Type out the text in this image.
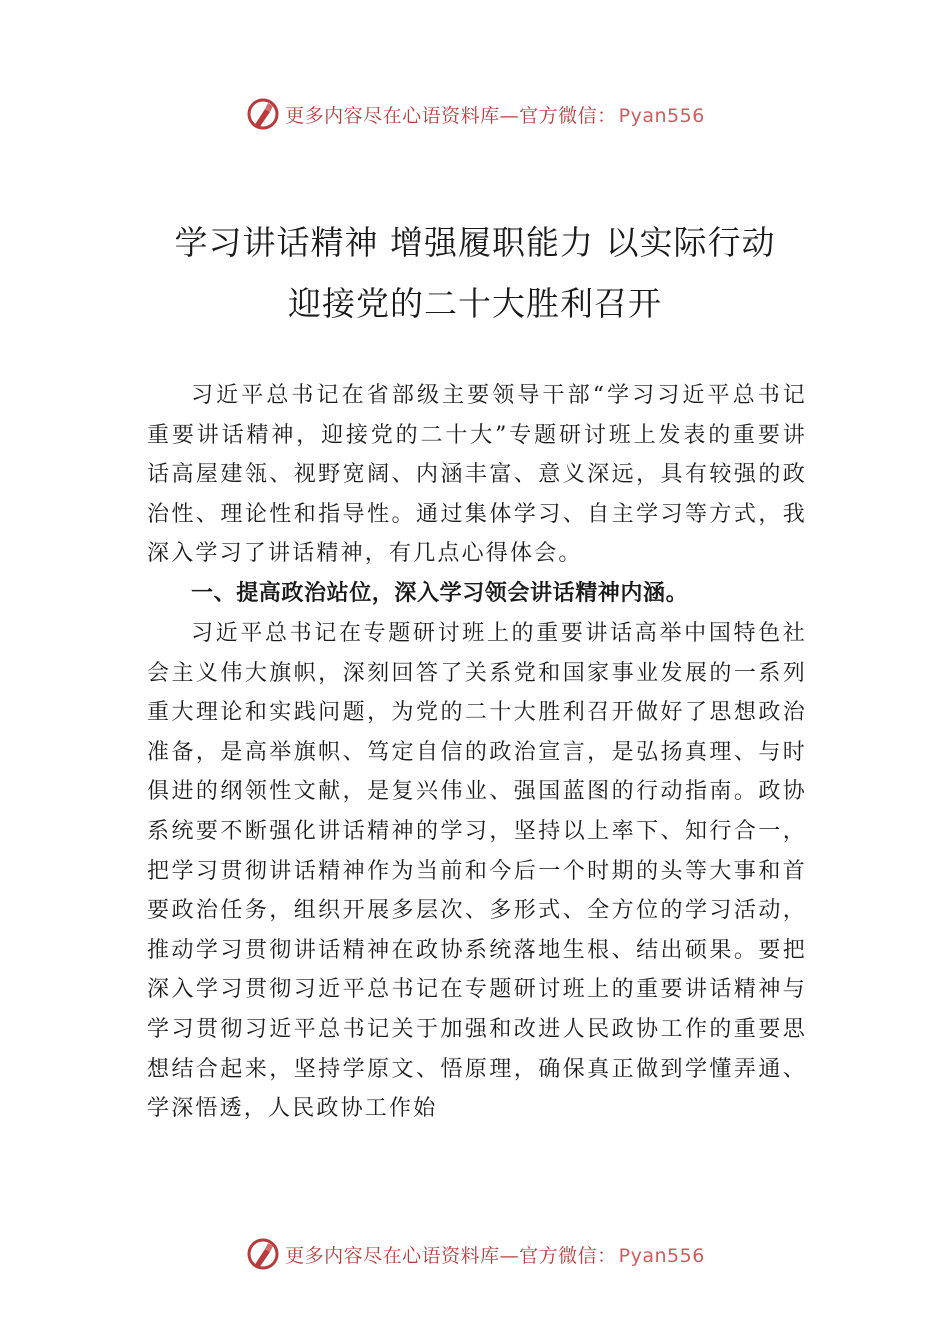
更多内容尽在心语资料库—官方微信： Pyan556
学习讲话精神 增强履职能力 以实际行动
迎接党的二十大胜利召开

习近平总书记在省部级主要领导干部“学习习近平总书记重要讲话精神，迎接党的二十大”专题研讨班上发表的重要讲话高屋建瓴、视野宽阔、内涵丰富、意义深远，具有较强的政治性、理论性和指导性。通过集体学习、自主学习等方式，我深入学习了讲话精神，有几点心得体会。

一、提高政治站位，深入学习领会讲话精神内涵。

习近平总书记在专题研讨班上的重要讲话高举中国特色社会主义伟大旗帜，深刻回答了关系党和国家事业发展的一系列重大理论和实践问题，为党的二十大胜利召开做好了思想政治准备，是高举旗帜、笃定自信的政治宣言，是弘扬真理、与时俱进的纲领性文献，是复兴伟业、强国蓝图的行动指南。政协系统要不断强化讲话精神的学习，坚持以上率下、知行合一，把学习贯彻讲话精神作为当前和今后一个时期的头等大事和首要政治任务，组织开展多层次、多形式、全方位的学习活动，推动学习贯彻讲话精神在政协系统落地生根、结出硕果。要把深入学习贯彻习近平总书记在专题研讨班上的重要讲话精神与学习贯彻习近平总书记关于加强和改进人民政协工作的重要思想结合起来，坚持学原文、悟原理，确保真正做到学懂弄通、学深悟透，人民政协工作始

更多内容尽在心语资料库—官方微信： Pyan556
